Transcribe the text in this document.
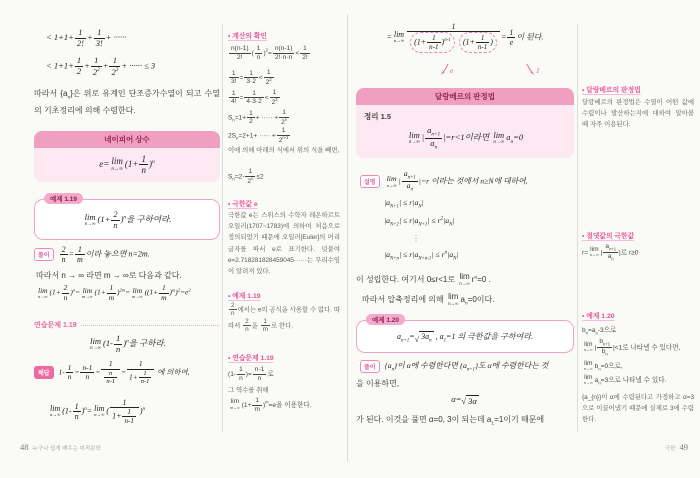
< $1+1+ \frac{1}{2!} + \frac{1}{3!}$ + ······
< $1+1+ \frac{1}{2} + \frac{1}{2^2} + \frac{1}{2^3}$ + ······ ≤ 3

따라서 $\{a_n\}$은 위로 유계인 단조증가수열이 되고 수열의 기초정리에 의해 수렴한다.

네이피어 상수
e= lim
n→∞
$(1+ \frac{1}{n} )^n$
예제 1.19
lim
n→∞ $(1+ \frac{2}{n} )^n$을 구하여라.
풀이	$\frac{2}{n} = \frac{1}{m}$ 이라 놓으면 n=2m.
따라서 n → ∞ 라면 m → ∞로 다음과 같다.
lim
n→∞ $(1+ \frac{2}{n} )^n= \lim$
m→∞ $(1+ \frac{1}{m} )^{2m}= \lim$
m→∞ $((1+ \frac{1}{m} )^m)^2=e^2$
연습문제 1.19
lim
n→∞ $(1- \frac{1}{n} )^n$을 구하라.
해답	$1- \frac{1}{n} = \frac{n-1}{n} = \frac{1}{\frac{n}{n-1}} = \frac{1}{1+ \frac{1}{n-1}}$ 에 의하여,
lim
n→∞ $(1- \frac{1}{n} )^n= \lim$
n→∞ ( $\frac{1}{1+ \frac{1}{n-1}} )^n$
48 누구나 쉽게 배우는 미적분학
• 계산의 확인
$\frac{n(n-1)}{2!}$ ( $\frac{1}{n} )^2= \frac{n(n-1)}{2!\cdot n\cdot n} < \frac{1}{2!}$
$\frac{1}{3!} = \frac{1}{3\cdot 2} < \frac{1}{2^2}$
$\frac{1}{4!} = \frac{1}{4\cdot 3\cdot 2} < \frac{1}{2^3}$
$S_n=1+ \frac{1}{2}$ + ····· + $\frac{1}{2^n}$
$2S_n=2+1+$ ····· + $\frac{1}{2^{n-1}}$
이에 의해 아래의 식에서 위의 식을 빼면,
$S_n=2- \frac{1}{2^n} \le 2$
• 극한값 e
극한값 e는 스위스의 수학자 레온하르트 오일러(1707~1783)에 의하여 처음으로 정의되었기 때문에 오일러[Euler]의 머리글자를 따서 e로 표기한다. 덧붙여 e=2.718281828459045······는 무리수임이 알려져 있다.
• 예제 1.19
$\frac{2}{n}$ 에서는 e의 공식을 사용할 수 없다. 따라서 $\frac{2}{n}$ 을 $\frac{1}{m}$ 로 한다.
• 연습문제 1.19
($1- \frac{1}{n}$ )= $\frac{n-1}{n}$ 로
그 역수를 취해
lim
m→∞ $(1+ \frac{1}{m} )^m=e$을 이용한다.
= lim
$n\to\infty \frac{1}{(1+ \frac{1}{n-1} )^{n-1} (1+ \frac{1}{n-1} )} = \frac{1}{e}$ 이 된다.
e	1
달랑베르의 판정법
정리 1.5
lim
n→∞ | $\frac{a_{n+1}}{a_n} |=r<1$이라면 lim
n→∞ $a_n=0$
설명
lim
n→∞ | $\frac{a_{n+1}}{a_n} |=r$ 이라는 것에서 n≥N에 대하여,
$|a_{N+1}| \le r|a_N|$
$|a_{N+2}| \le r|a_{N+1}| \le r^2|a_N|$
⋮
$|a_{N+n}| \le r|a_{N+n-1}| \le r^n|a_N|$
이 성립한다. 여기서 0≤r<1로 lim
n→∞ $r^n=0$ .
따라서 압축정리에 의해 lim
n→∞ $a_n=0$이다.
예제 1.20
$a_{n+1}=$ √ $3a_n$ , $a_1=1$ 의 극한값을 구하여라.
풀이	$\{a_n\}$이 α에 수렴한다면 $\{a_{n+1}\}$도 α에 수렴한다는 것
을 이용하면,
α= √ 3α
가 된다. 이것을 풀면 α=0, 3이 되는데 $a_1=1$이기 때문에
극한 49
• 달랑베르의 판정법
달랑베르의 판정법은 수열이 어떤 값에 수렴이나 발산하는지에 대하여 알아볼 때 자주 이용된다.
• 절댓값의 극한값
r= lim
n→∞ | $\frac{a_{n+1}}{a_n}$ |로 r≥0
• 예제 1.20
$b_n=a_n-3$으로
lim
n→∞ | $\frac{b_{n+1}}{b_n} |<1$로 나타낼 수 있다면,
lim
n→∞ $b_n=0$으로,
lim
n→∞ $a_n=3$으로 나타낼 수 있다.
{a_{n}}이 α에 수렴된다고 가정하고 α=3으로 이끌어냈기 때문에 실제로 3에 수렴한다.
